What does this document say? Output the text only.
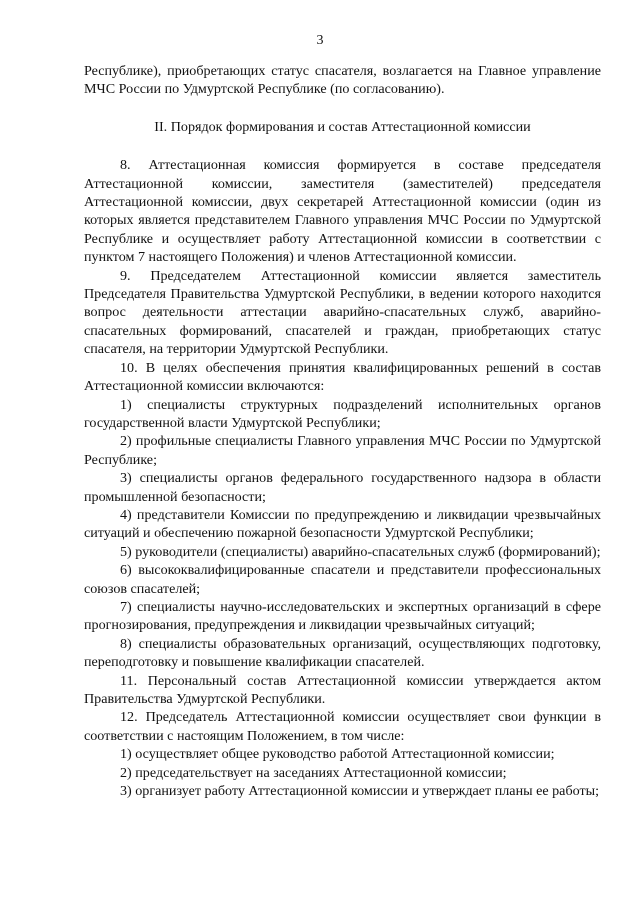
3

Республике), приобретающих статус спасателя, возлагается на Главное управление МЧС России по Удмуртской Республике (по согласованию).

II. Порядок формирования и состав Аттестационной комиссии

8. Аттестационная комиссия формируется в составе председателя Аттестационной комиссии, заместителя (заместителей) председателя Аттестационной комиссии, двух секретарей Аттестационной комиссии (один из которых является представителем Главного управления МЧС России по Удмуртской Республике и осуществляет работу Аттестационной комиссии в соответствии с пунктом 7 настоящего Положения) и членов Аттестационной комиссии.

9. Председателем Аттестационной комиссии является заместитель Председателя Правительства Удмуртской Республики, в ведении которого находится вопрос деятельности аттестации аварийно-спасательных служб, аварийно-спасательных формирований, спасателей и граждан, приобретающих статус спасателя, на территории Удмуртской Республики.

10. В целях обеспечения принятия квалифицированных решений в состав Аттестационной комиссии включаются:

1) специалисты структурных подразделений исполнительных органов государственной власти Удмуртской Республики;

2) профильные специалисты Главного управления МЧС России по Удмуртской Республике;

3) специалисты органов федерального государственного надзора в области промышленной безопасности;

4) представители Комиссии по предупреждению и ликвидации чрезвычайных ситуаций и обеспечению пожарной безопасности Удмуртской Республики;

5) руководители (специалисты) аварийно-спасательных служб (формирований);

6) высококвалифицированные спасатели и представители профессиональных союзов спасателей;

7) специалисты научно-исследовательских и экспертных организаций в сфере прогнозирования, предупреждения и ликвидации чрезвычайных ситуаций;

8) специалисты образовательных организаций, осуществляющих подготовку, переподготовку и повышение квалификации спасателей.

11. Персональный состав Аттестационной комиссии утверждается актом Правительства Удмуртской Республики.

12. Председатель Аттестационной комиссии осуществляет свои функции в соответствии с настоящим Положением, в том числе:

1) осуществляет общее руководство работой Аттестационной комиссии;

2) председательствует на заседаниях Аттестационной комиссии;

3) организует работу Аттестационной комиссии и утверждает планы ее работы;
